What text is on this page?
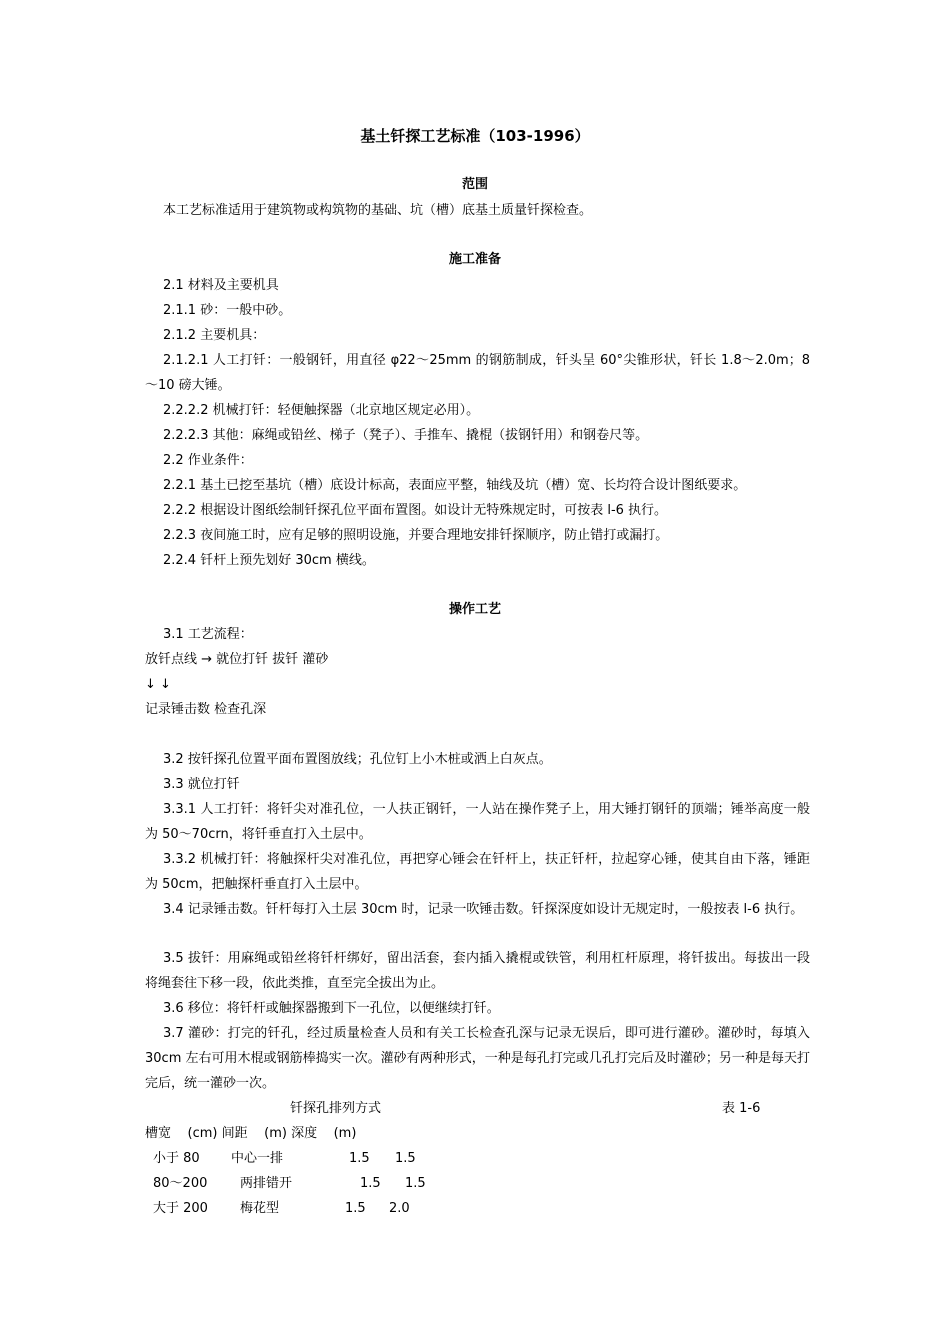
基土钎探工艺标准（103-1996）
范围
本工艺标准适用于建筑物或构筑物的基础、坑（槽）底基土质量钎探检查。
施工准备
2.1 材料及主要机具
2.1.1 砂：一般中砂。
2.1.2 主要机具：
2.1.2.1 人工打钎：一般钢钎，用直径 φ22～25mm 的钢筋制成，钎头呈 60°尖锥形状，钎长 1.8～2.0m；8～10 磅大锤。
2.2.2.2 机械打钎：轻便触探器（北京地区规定必用）。
2.2.2.3 其他：麻绳或铅丝、梯子（凳子）、手推车、撬棍（拔钢钎用）和钢卷尺等。
2.2 作业条件：
2.2.1 基土已挖至基坑（槽）底设计标高，表面应平整，轴线及坑（槽）宽、长均符合设计图纸要求。
2.2.2 根据设计图纸绘制钎探孔位平面布置图。如设计无特殊规定时，可按表 l-6 执行。
2.2.3 夜间施工时，应有足够的照明设施，并要合理地安排钎探顺序，防止错打或漏打。
2.2.4 钎杆上预先划好 30cm 横线。
操作工艺
3.1 工艺流程：
放钎点线 → 就位打钎 拔钎 灌砂
↓ ↓
记录锤击数 检查孔深
3.2 按钎探孔位置平面布置图放线；孔位钉上小木桩或洒上白灰点。
3.3 就位打钎
3.3.1 人工打钎：将钎尖对准孔位，一人扶正钢钎，一人站在操作凳子上，用大锤打钢钎的顶端；锤举高度一般为 50～70crn，将钎垂直打入土层中。
3.3.2 机械打钎：将触探杆尖对准孔位，再把穿心锤会在钎杆上，扶正钎杆，拉起穿心锤，使其自由下落，锤距为 50cm，把触探杆垂直打入土层中。
3.4 记录锤击数。钎杆每打入土层 30cm 时，记录一吹锤击数。钎探深度如设计无规定时，一般按表 l-6 执行。
3.5 拔钎：用麻绳或铅丝将钎杆绑好，留出活套，套内插入撬棍或铁管，利用杠杆原理，将钎拔出。每拔出一段将绳套往下移一段，依此类推，直至完全拔出为止。
3.6 移位：将钎杆或触探器搬到下一孔位，以便继续打钎。
3.7 灌砂：打完的钎孔，经过质量检查人员和有关工长检查孔深与记录无误后，即可进行灌砂。灌砂时，每填入 30cm 左右可用木棍或钢筋棒捣实一次。灌砂有两种形式，一种是每孔打完或几孔打完后及时灌砂；另一种是每天打完后，统一灌砂一次。
钎探孔排列方式	表 1-6
槽宽    (cm) 间距    (m) 深度    (m)
小于 80 中心一排	1.5 1.5
80～200	两排错开	1.5 1.5
大于 200 梅花型	1.5 2.0
